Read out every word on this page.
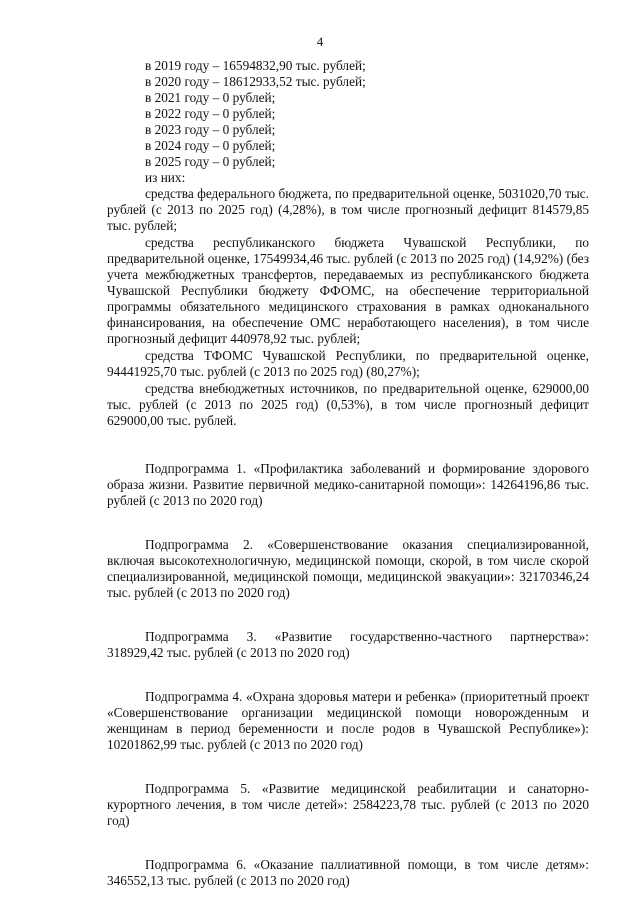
4
в 2019 году – 16594832,90 тыс. рублей;
в 2020 году – 18612933,52 тыс. рублей;
в 2021 году – 0 рублей;
в 2022 году – 0 рублей;
в 2023 году – 0 рублей;
в 2024 году – 0 рублей;
в 2025 году – 0 рублей;
из них:

средства федерального бюджета, по предварительной оценке, 5031020,70 тыс. рублей (с 2013 по 2025 год) (4,28%), в том числе прогнозный дефицит 814579,85 тыс. рублей;

средства республиканского бюджета Чувашской Республики, по предварительной оценке, 17549934,46 тыс. рублей (с 2013 по 2025 год) (14,92%) (без учета межбюджетных трансфертов, передаваемых из республиканского бюджета Чувашской Республики бюджету ФФОМС, на обеспечение территориальной программы обязательного медицинского страхования в рамках одноканального финансирования, на обеспечение ОМС неработающего населения), в том числе прогнозный дефицит 440978,92 тыс. рублей;

средства ТФОМС Чувашской Республики, по предварительной оценке, 94441925,70 тыс. рублей (с 2013 по 2025 год) (80,27%);

средства внебюджетных источников, по предварительной оценке, 629000,00 тыс. рублей (с 2013 по 2025 год) (0,53%), в том числе прогнозный дефицит 629000,00 тыс. рублей.

Подпрограмма 1. «Профилактика заболеваний и формирование здорового образа жизни. Развитие первичной медико-санитарной помощи»: 14264196,86 тыс. рублей (с 2013 по 2020 год)

Подпрограмма 2. «Совершенствование оказания специализированной, включая высокотехнологичную, медицинской помощи, скорой, в том числе скорой специализированной, медицинской помощи, медицинской эвакуации»: 32170346,24 тыс. рублей (с 2013 по 2020 год)

Подпрограмма 3. «Развитие государственно-частного партнерства»: 318929,42 тыс. рублей (с 2013 по 2020 год)

Подпрограмма 4. «Охрана здоровья матери и ребенка» (приоритетный проект «Совершенствование организации медицинской помощи новорожденным и женщинам в период беременности и после родов в Чувашской Республике»): 10201862,99 тыс. рублей (с 2013 по 2020 год)

Подпрограмма 5. «Развитие медицинской реабилитации и санаторно-курортного лечения, в том числе детей»: 2584223,78 тыс. рублей (с 2013 по 2020 год)

Подпрограмма 6. «Оказание паллиативной помощи, в том числе детям»: 346552,13 тыс. рублей (с 2013 по 2020 год)
